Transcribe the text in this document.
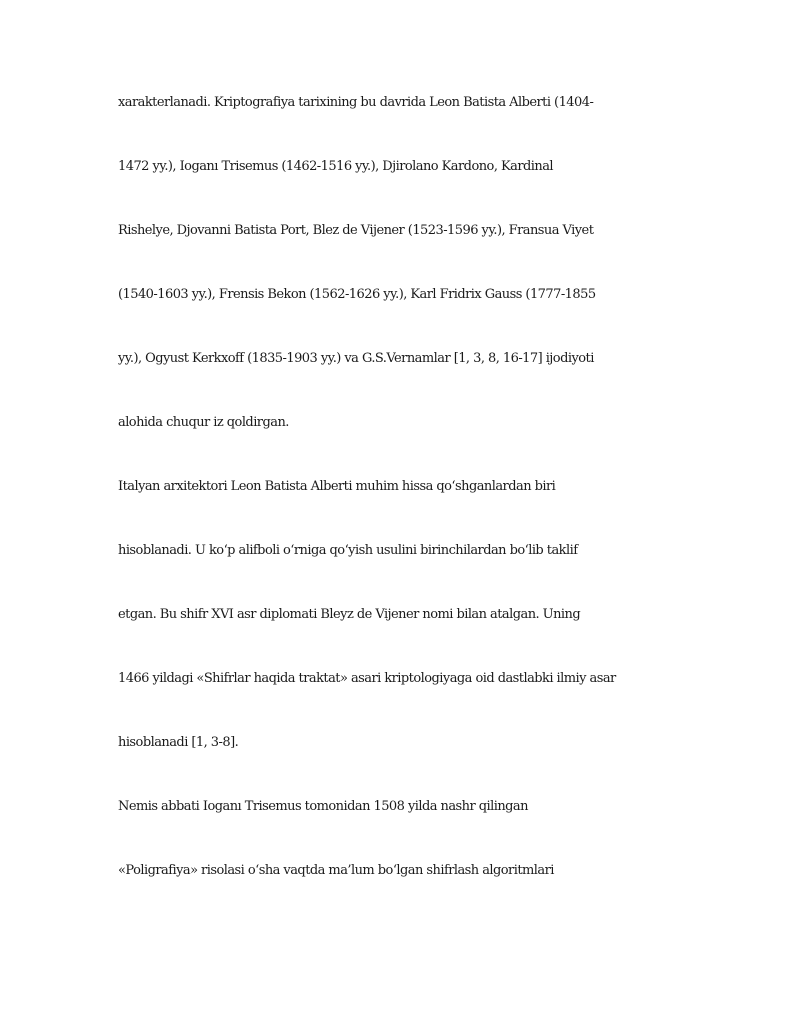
xarakterlanadi. Kriptografiya tarixining bu davrida Leon Batista Alberti (1404-
1472 yy.), Ioganı Trisemus (1462-1516 yy.), Djirolano Kardono, Kardinal
Rishelye, Djovanni Batista Port, Blez de Vijener (1523-1596 yy.), Fransua Viyet
(1540-1603 yy.), Frensis Bekon (1562-1626 yy.), Karl Fridrix Gauss (1777-1855
yy.), Ogyust Kerkxoff (1835-1903 yy.) va G.S.Vernamlar [1, 3, 8, 16-17] ijodiyoti
alohida chuqur iz qoldirgan.
Italyan arxitektori Leon Batista Alberti muhim hissa qo‘shganlardan biri
hisoblanadi. U ko‘p alifboli o‘rniga qo‘yish usulini birinchilardan bo‘lib taklif
etgan. Bu shifr XVI asr diplomati Bleyz de Vijener nomi bilan atalgan. Uning
1466 yildagi «Shifrlar haqida traktat» asari kriptologiyaga oid dastlabki ilmiy asar
hisoblanadi [1, 3-8].
Nemis abbati Ioganı Trisemus tomonidan 1508 yilda nashr qilingan
«Poligrafiya» risolasi o‘sha vaqtda ma’lum bo‘lgan shifrlash algoritmlari
